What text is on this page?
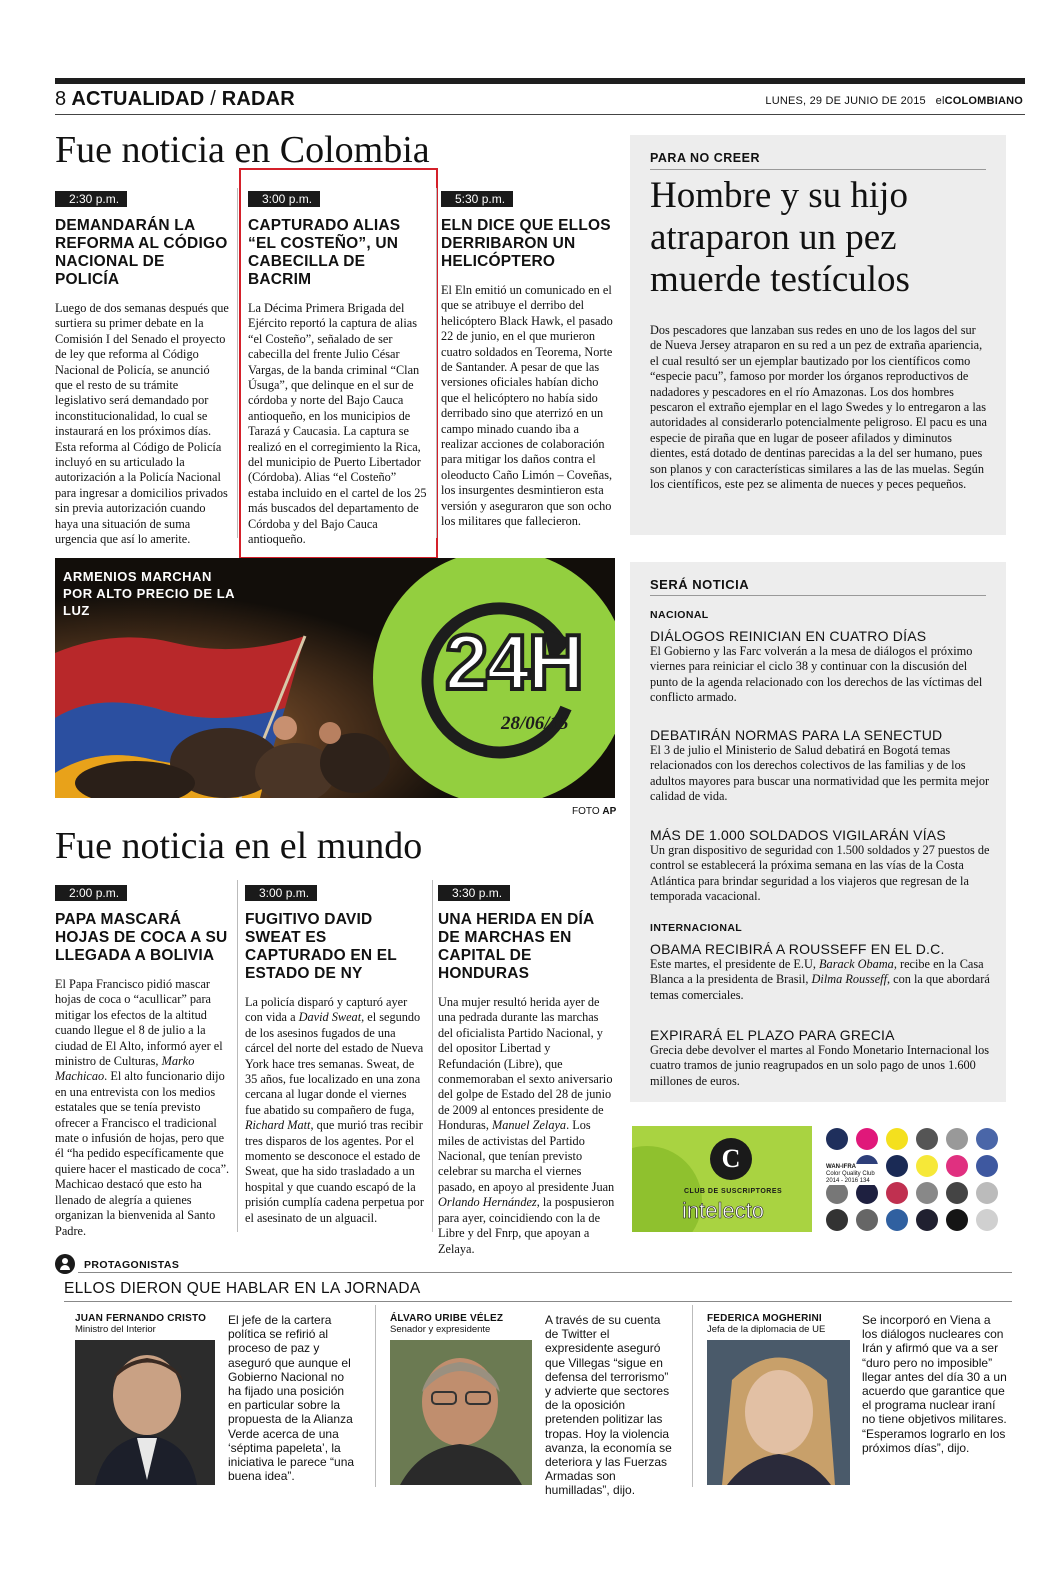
8 ACTUALIDAD / RADAR	LUNES, 29 DE JUNIO DE 2015 elCOLOMBIANO
Fue noticia en Colombia
2:30 p.m.
DEMANDARÁN LA REFORMA AL CÓDIGO NACIONAL DE POLICÍA
Luego de dos semanas después que surtiera su primer debate en la Comisión I del Senado el proyecto de ley que reforma al Código Nacional de Policía, se anunció que el resto de su trámite legislativo será demandado por inconstitucionalidad, lo cual se instaurará en los próximos días. Esta reforma al Código de Policía incluyó en su articulado la autorización a la Policía Nacional para ingresar a domicilios privados sin previa autorización cuando haya una situación de suma urgencia que así lo amerite.
3:00 p.m.
CAPTURADO ALIAS “EL COSTEÑO”, UN CABECILLA DE BACRIM
La Décima Primera Brigada del Ejército reportó la captura de alias “el Costeño”, señalado de ser cabecilla del frente Julio César Vargas, de la banda criminal “Clan Úsuga”, que delinque en el sur de córdoba y norte del Bajo Cauca antioqueño, en los municipios de Tarazá y Caucasia. La captura se realizó en el corregimiento la Rica, del municipio de Puerto Libertador (Córdoba). Alias “el Costeño” estaba incluido en el cartel de los 25 más buscados del departamento de Córdoba y del Bajo Cauca antioqueño.
5:30 p.m.
ELN DICE QUE ELLOS DERRIBARON UN HELICÓPTERO
El Eln emitió un comunicado en el que se atribuye el derribo del helicóptero Black Hawk, el pasado 22 de junio, en el que murieron cuatro soldados en Teorema, Norte de Santander. A pesar de que las versiones oficiales habían dicho que el helicóptero no había sido derribado sino que aterrizó en un campo minado cuando iba a realizar acciones de colaboración para mitigar los daños contra el oleoducto Caño Limón – Coveñas, los insurgentes desmintieron esta versión y aseguraron que son ocho los militares que fallecieron.
PARA NO CREER
Hombre y su hijo atraparon un pez muerde testículos
Dos pescadores que lanzaban sus redes en uno de los lagos del sur de Nueva Jersey atraparon en su red a un pez de extraña apariencia, el cual resultó ser un ejemplar bautizado por los científicos como “especie pacu”, famoso por morder los órganos reproductivos de nadadores y pescadores en el río Amazonas. Los dos hombres pescaron el extraño ejemplar en el lago Swedes y lo entregaron a las autoridades al considerarlo potencialmente peligroso. El pacu es una especie de piraña que en lugar de poseer afilados y diminutos dientes, está dotado de dentinas parecidas a la del ser humano, pues son planos y con características similares a las de las muelas. Según los científicos, este pez se alimenta de nueces y peces pequeños.
ARMENIOS MARCHAN POR ALTO PRECIO DE LA LUZ
24H
28/06/15
FOTO AP
SERÁ NOTICIA
NACIONAL
DIÁLOGOS REINICIAN EN CUATRO DÍAS
El Gobierno y las Farc volverán a la mesa de diálogos el próximo viernes para reiniciar el ciclo 38 y continuar con la discusión del punto de la agenda relacionado con los derechos de las víctimas del conflicto armado.
DEBATIRÁN NORMAS PARA LA SENECTUD
El 3 de julio el Ministerio de Salud debatirá en Bogotá temas relacionados con los derechos colectivos de las familias y de los adultos mayores para buscar una normatividad que les permita mejor calidad de vida.
MÁS DE 1.000 SOLDADOS VIGILARÁN VÍAS
Un gran dispositivo de seguridad con 1.500 soldados y 27 puestos de control se establecerá la próxima semana en las vías de la Costa Atlántica para brindar seguridad a los viajeros que regresan de la temporada vacacional.
INTERNACIONAL
OBAMA RECIBIRÁ A ROUSSEFF EN EL D.C.
Este martes, el presidente de E.U, Barack Obama, recibe en la Casa Blanca a la presidenta de Brasil, Dilma Rousseff, con la que abordará temas comerciales.
EXPIRARÁ EL PLAZO PARA GRECIA
Grecia debe devolver el martes al Fondo Monetario Internacional los cuatro tramos de junio reagrupados en un solo pago de unos 1.600 millones de euros.
Fue noticia en el mundo
2:00 p.m.
PAPA MASCARÁ HOJAS DE COCA A SU LLEGADA A BOLIVIA
El Papa Francisco pidió mascar hojas de coca o “acullicar” para mitigar los efectos de la altitud cuando llegue el 8 de julio a la ciudad de El Alto, informó ayer el ministro de Culturas, Marko Machicao. El alto funcionario dijo en una entrevista con los medios estatales que se tenía previsto ofrecer a Francisco el tradicional mate o infusión de hojas, pero que él “ha pedido específicamente que quiere hacer el masticado de coca”. Machicao destacó que esto ha llenado de alegría a quienes organizan la bienvenida al Santo Padre.
3:00 p.m.
FUGITIVO DAVID SWEAT ES CAPTURADO EN EL ESTADO DE NY
La policía disparó y capturó ayer con vida a David Sweat, el segundo de los asesinos fugados de una cárcel del norte del estado de Nueva York hace tres semanas. Sweat, de 35 años, fue localizado en una zona cercana al lugar donde el viernes fue abatido su compañero de fuga, Richard Matt, que murió tras recibir tres disparos de los agentes. Por el momento se desconoce el estado de Sweat, que ha sido trasladado a un hospital y que cuando escapó de la prisión cumplía cadena perpetua por el asesinato de un alguacil.
3:30 p.m.
UNA HERIDA EN DÍA DE MARCHAS EN CAPITAL DE HONDURAS
Una mujer resultó herida ayer de una pedrada durante las marchas del oficialista Partido Nacional, y del opositor Libertad y Refundación (Libre), que conmemoraban el sexto aniversario del golpe de Estado del 28 de junio de 2009 al entonces presidente de Honduras, Manuel Zelaya. Los miles de activistas del Partido Nacional, que tenían previsto celebrar su marcha el viernes pasado, en apoyo al presidente Juan Orlando Hernández, la pospusieron para ayer, coincidiendo con la de Libre y del Fnrp, que apoyan a Zelaya.
C
CLUB DE SUSCRIPTORES
intelecto
WAN-IFRA
Color Quality Club
2014 - 2016 134
PROTAGONISTAS
ELLOS DIERON QUE HABLAR EN LA JORNADA
JUAN FERNANDO CRISTO
Ministro del Interior
El jefe de la cartera política se refirió al proceso de paz y aseguró que aunque el Gobierno Nacional no ha fijado una posición en particular sobre la propuesta de la Alianza Verde acerca de una ‘séptima papeleta’, la iniciativa le parece “una buena idea”.
ÁLVARO URIBE VÉLEZ
Senador y expresidente
A través de su cuenta de Twitter el expresidente aseguró que Villegas “sigue en defensa del terrorismo” y advierte que sectores de la oposición pretenden politizar las tropas. Hoy la violencia avanza, la economía se deteriora y las Fuerzas Armadas son humilladas”, dijo.
FEDERICA MOGHERINI
Jefa de la diplomacia de UE
Se incorporó en Viena a los diálogos nucleares con Irán y afirmó que va a ser “duro pero no imposible” llegar antes del día 30 a un acuerdo que garantice que el programa nuclear iraní no tiene objetivos militares. “Esperamos lograrlo en los próximos días”, dijo.
